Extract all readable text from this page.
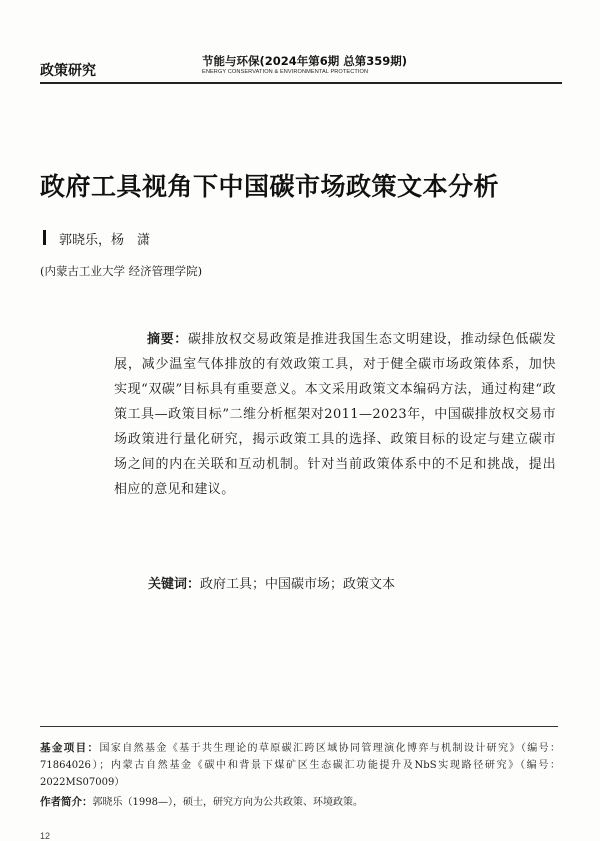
政策研究
节能与环保(2024年第6期 总第359期)
ENERGY CONSERVATION & ENVIRONMENTAL PROTECTION
政府工具视角下中国碳市场政策文本分析
郭晓乐，杨　潇
(内蒙古工业大学 经济管理学院)
摘要：碳排放权交易政策是推进我国生态文明建设，推动绿色低碳发展，减少温室气体排放的有效政策工具，对于健全碳市场政策体系，加快实现“双碳”目标具有重要意义。本文采用政策文本编码方法，通过构建“政策工具—政策目标”二维分析框架对2011—2023年，中国碳排放权交易市场政策进行量化研究，揭示政策工具的选择、政策目标的设定与建立碳市场之间的内在关联和互动机制。针对当前政策体系中的不足和挑战，提出相应的意见和建议。
关键词：政府工具；中国碳市场；政策文本
基金项目：国家自然基金《基于共生理论的草原碳汇跨区域协同管理演化博弈与机制设计研究》（编号：71864026）；内蒙古自然基金《碳中和背景下煤矿区生态碳汇功能提升及NbS实现路径研究》（编号：2022MS07009）
作者简介：郭晓乐（1998—），硕士，研究方向为公共政策、环境政策。
12
